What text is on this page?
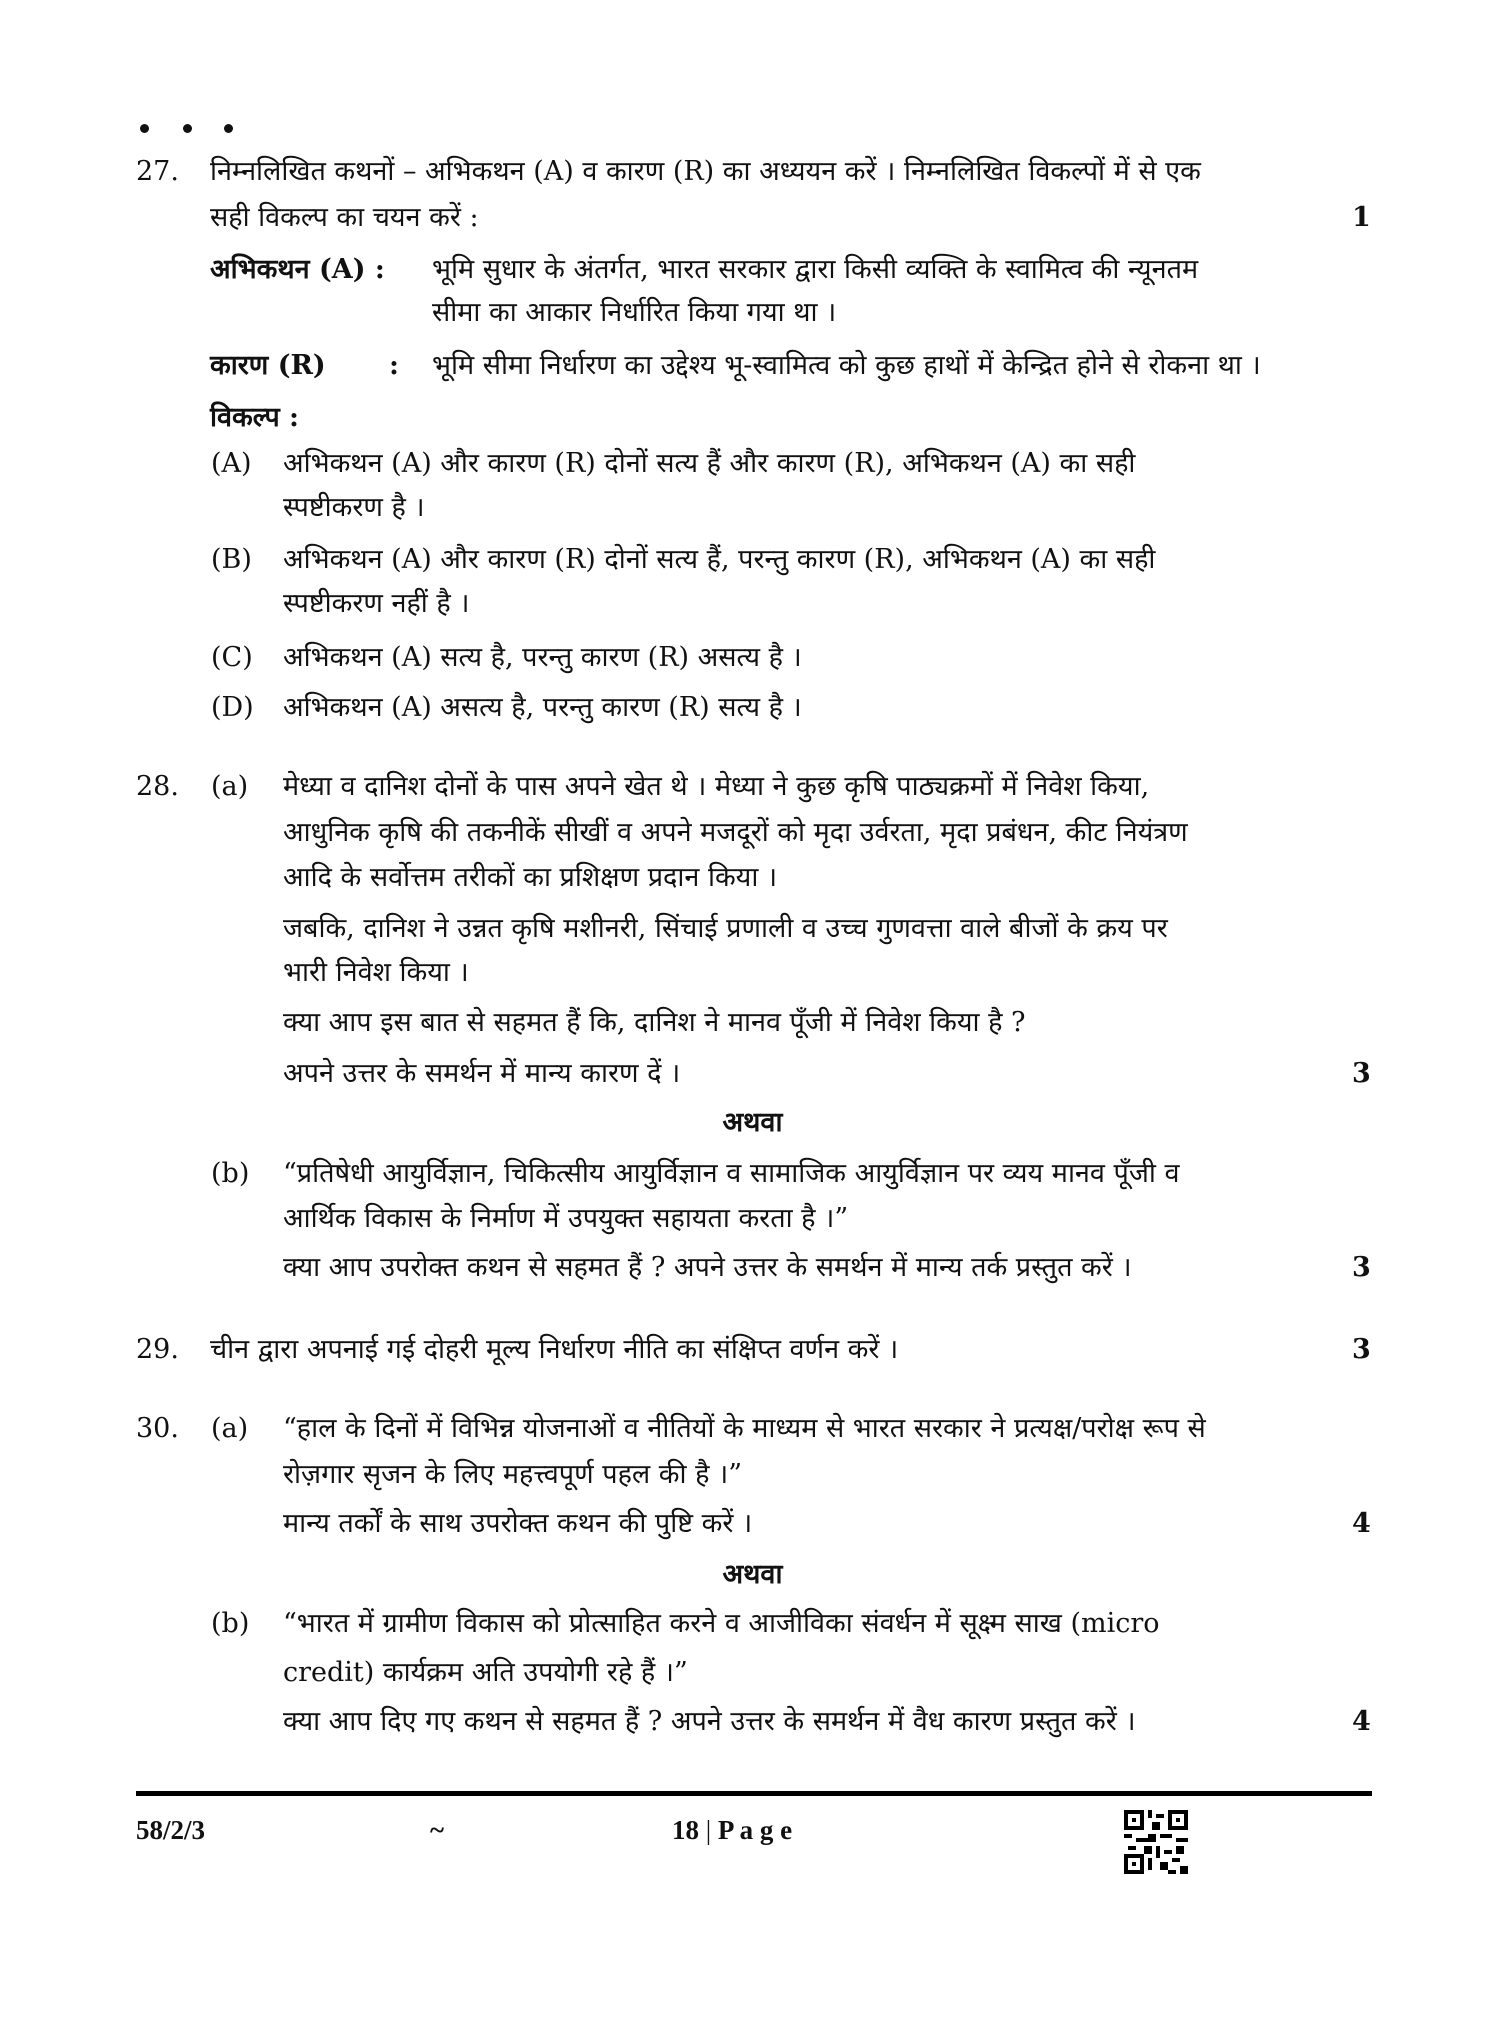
27. निम्नलिखित कथनों – अभिकथन (A) व कारण (R) का अध्ययन करें । निम्नलिखित विकल्पों में से एक
सही विकल्प का चयन करें :	1
अभिकथन (A) : भूमि सुधार के अंतर्गत, भारत सरकार द्वारा किसी व्यक्ति के स्वामित्व की न्यूनतम
सीमा का आकार निर्धारित किया गया था ।
कारण (R) : भूमि सीमा निर्धारण का उद्देश्य भू-स्वामित्व को कुछ हाथों में केन्द्रित होने से रोकना था ।
विकल्प :
(A) अभिकथन (A) और कारण (R) दोनों सत्य हैं और कारण (R), अभिकथन (A) का सही
स्पष्टीकरण है ।
(B) अभिकथन (A) और कारण (R) दोनों सत्य हैं, परन्तु कारण (R), अभिकथन (A) का सही
स्पष्टीकरण नहीं है ।
(C) अभिकथन (A) सत्य है, परन्तु कारण (R) असत्य है ।
(D) अभिकथन (A) असत्य है, परन्तु कारण (R) सत्य है ।
28. (a) मेध्या व दानिश दोनों के पास अपने खेत थे । मेध्या ने कुछ कृषि पाठ्यक्रमों में निवेश किया,
आधुनिक कृषि की तकनीकें सीखीं व अपने मजदूरों को मृदा उर्वरता, मृदा प्रबंधन, कीट नियंत्रण
आदि के सर्वोत्तम तरीकों का प्रशिक्षण प्रदान किया ।
जबकि, दानिश ने उन्नत कृषि मशीनरी, सिंचाई प्रणाली व उच्च गुणवत्ता वाले बीजों के क्रय पर
भारी निवेश किया ।
क्या आप इस बात से सहमत हैं कि, दानिश ने मानव पूँजी में निवेश किया है ?
अपने उत्तर के समर्थन में मान्य कारण दें ।	3
अथवा
(b) “प्रतिषेधी आयुर्विज्ञान, चिकित्सीय आयुर्विज्ञान व सामाजिक आयुर्विज्ञान पर व्यय मानव पूँजी व
आर्थिक विकास के निर्माण में उपयुक्त सहायता करता है ।”
क्या आप उपरोक्त कथन से सहमत हैं ? अपने उत्तर के समर्थन में मान्य तर्क प्रस्तुत करें ।	3
29. चीन द्वारा अपनाई गई दोहरी मूल्य निर्धारण नीति का संक्षिप्त वर्णन करें ।	3
30. (a) “हाल के दिनों में विभिन्न योजनाओं व नीतियों के माध्यम से भारत सरकार ने प्रत्यक्ष/परोक्ष रूप से
रोज़गार सृजन के लिए महत्त्वपूर्ण पहल की है ।”
मान्य तर्कों के साथ उपरोक्त कथन की पुष्टि करें ।	4
अथवा
(b) “भारत में ग्रामीण विकास को प्रोत्साहित करने व आजीविका संवर्धन में सूक्ष्म साख (micro
credit) कार्यक्रम अति उपयोगी रहे हैं ।”
क्या आप दिए गए कथन से सहमत हैं ? अपने उत्तर के समर्थन में वैध कारण प्रस्तुत करें ।	4
58/2/3	~	18 | P a g e
